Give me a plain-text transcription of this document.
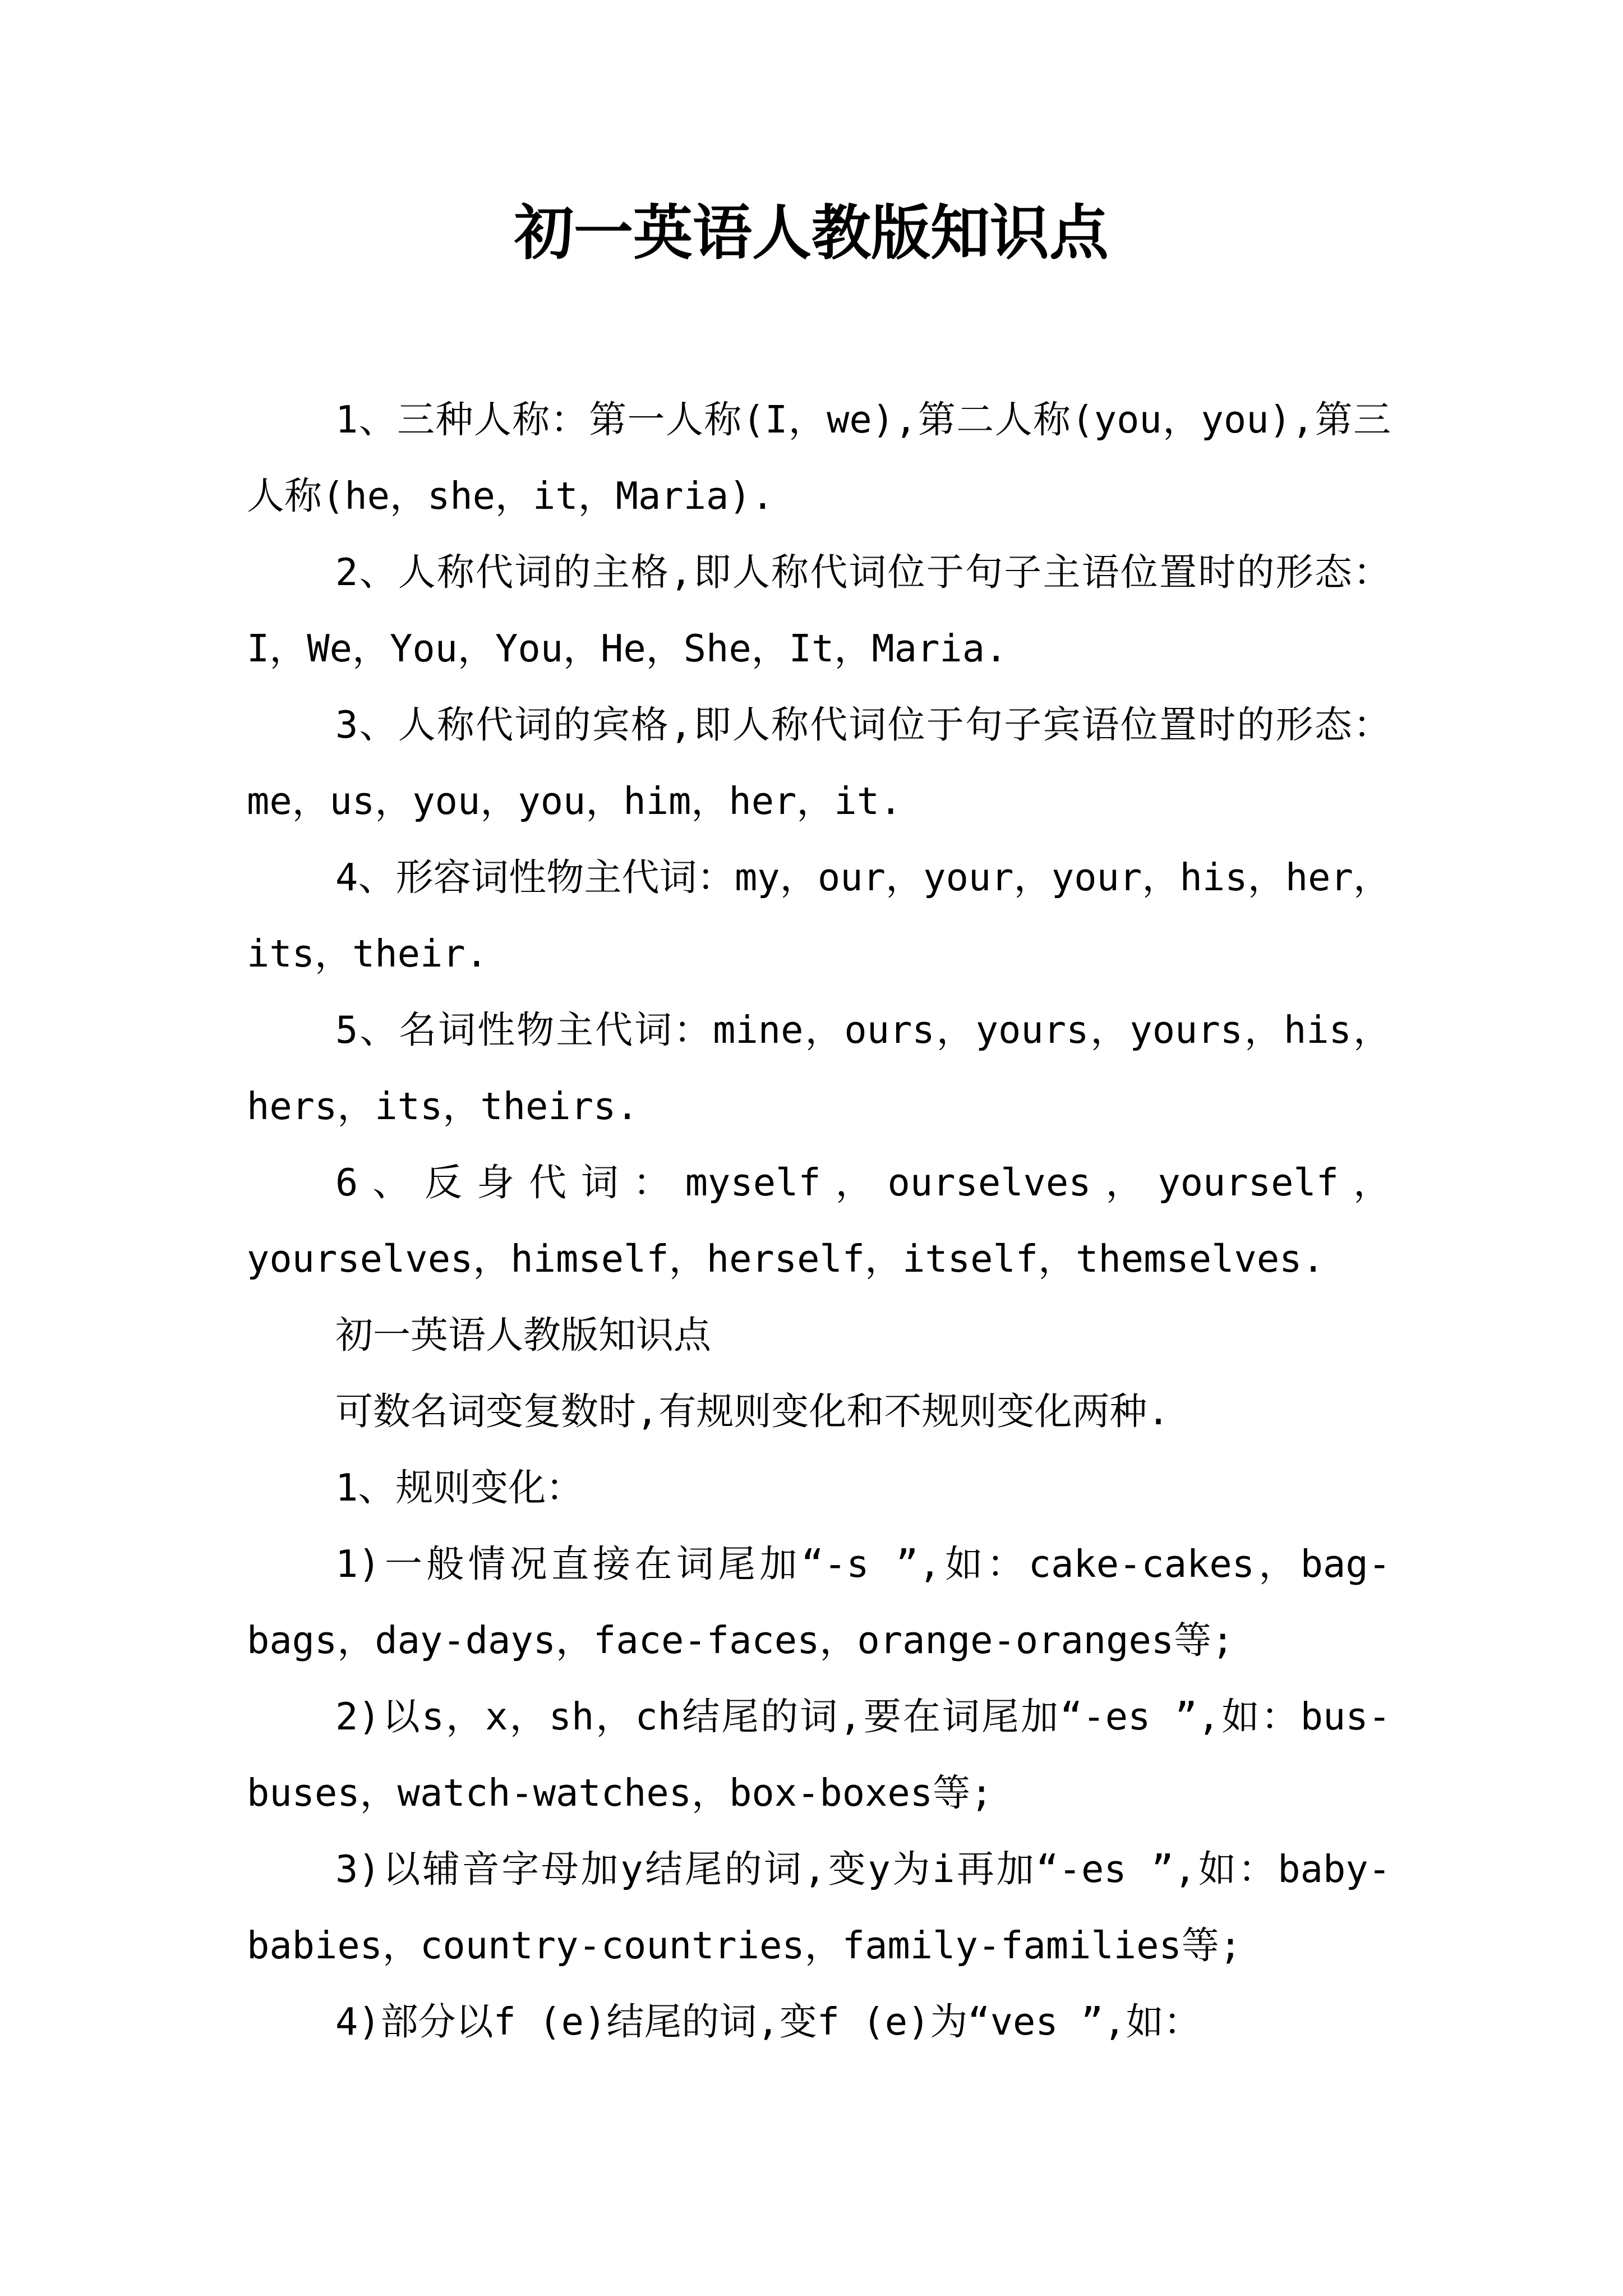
初一英语人教版知识点

1、三种人称：第一人称(I，we),第二人称(you，you),第三人称(he，she，it，Maria).

2、人称代词的主格,即人称代词位于句子主语位置时的形态：I，We，You，You，He，She，It，Maria.

3、人称代词的宾格,即人称代词位于句子宾语位置时的形态：me，us，you，you，him，her，it.

4、形容词性物主代词：my，our，your，your，his，her，its，their.

5、名词性物主代词：mine，ours，yours，yours，his，hers，its，theirs.

6、反身代词：myself，ourselves，yourself，yourselves，himself，herself，itself，themselves.

初一英语人教版知识点

可数名词变复数时,有规则变化和不规则变化两种.

1、规则变化：

1)一般情况直接在词尾加“-s ”,如：cake-cakes，bag-bags，day-days，face-faces，orange-oranges等;

2)以s，x，sh，ch结尾的词,要在词尾加“-es ”,如：bus-buses，watch-watches，box-boxes等;

3)以辅音字母加y结尾的词,变y为i再加“-es ”,如：baby-babies，country-countries，family-families等;

4)部分以f (e)结尾的词,变f (e)为“ves ”,如：
